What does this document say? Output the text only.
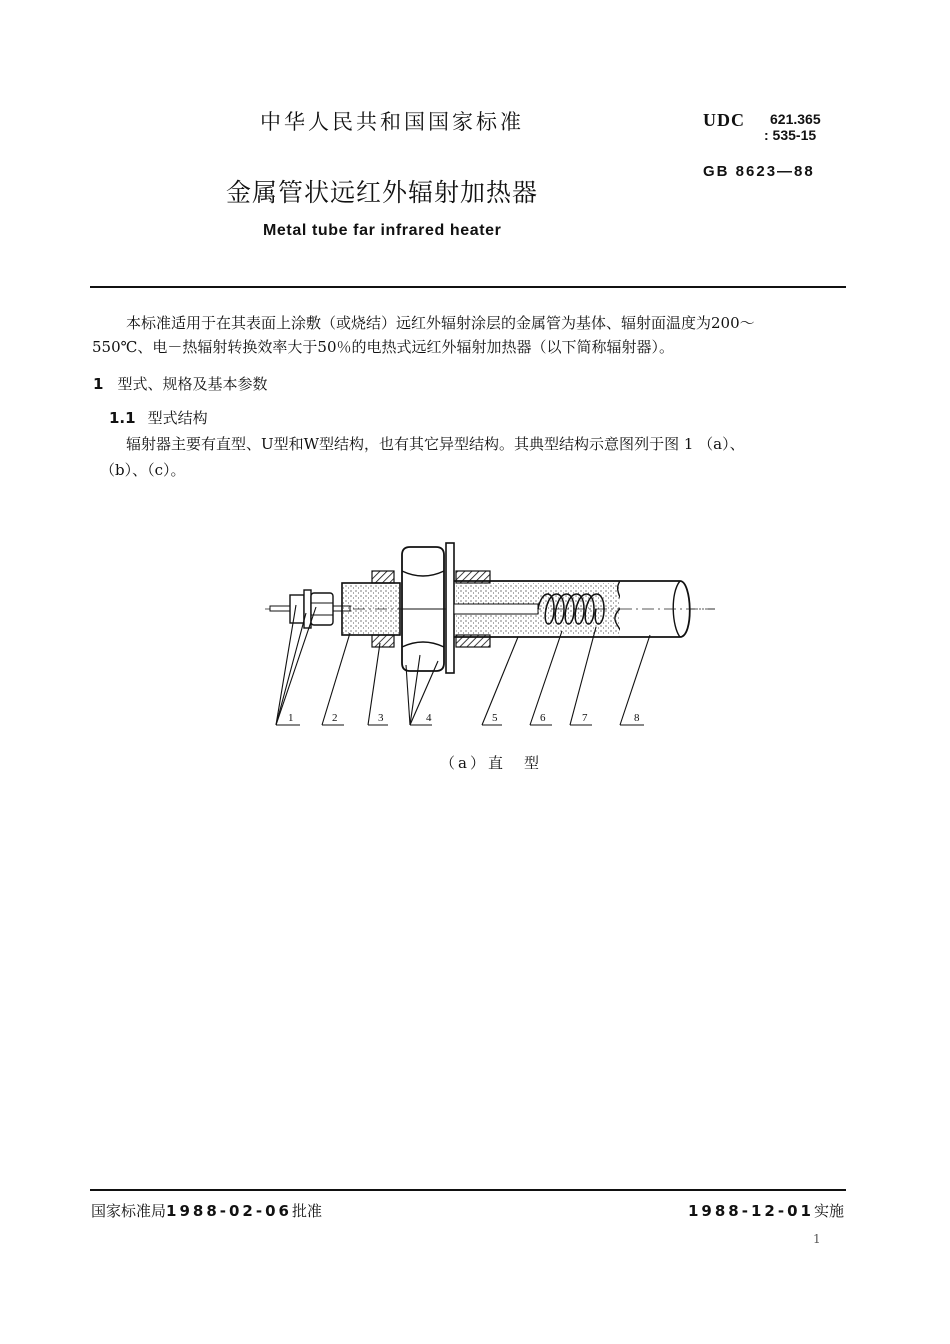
中华人民共和国国家标准	UDC 621.365
: 535-15
GB 8623—88
金属管状远红外辐射加热器
Metal tube far infrared heater
本标准适用于在其表面上涂敷（或烧结）远红外辐射涂层的金属管为基体、辐射面温度为200～
550℃、电－热辐射转换效率大于50％的电热式远红外辐射加热器（以下简称辐射器）。
1 型式、规格及基本参数
1.1 型式结构
辐射器主要有直型、U型和W型结构，也有其它异型结构。其典型结构示意图列于图 1 （a）、
（b）、（c）。
1	2	3	4	5	6	7	8
（a）直　型
国家标准局1988-02-06批准	1988-12-01实施
1
